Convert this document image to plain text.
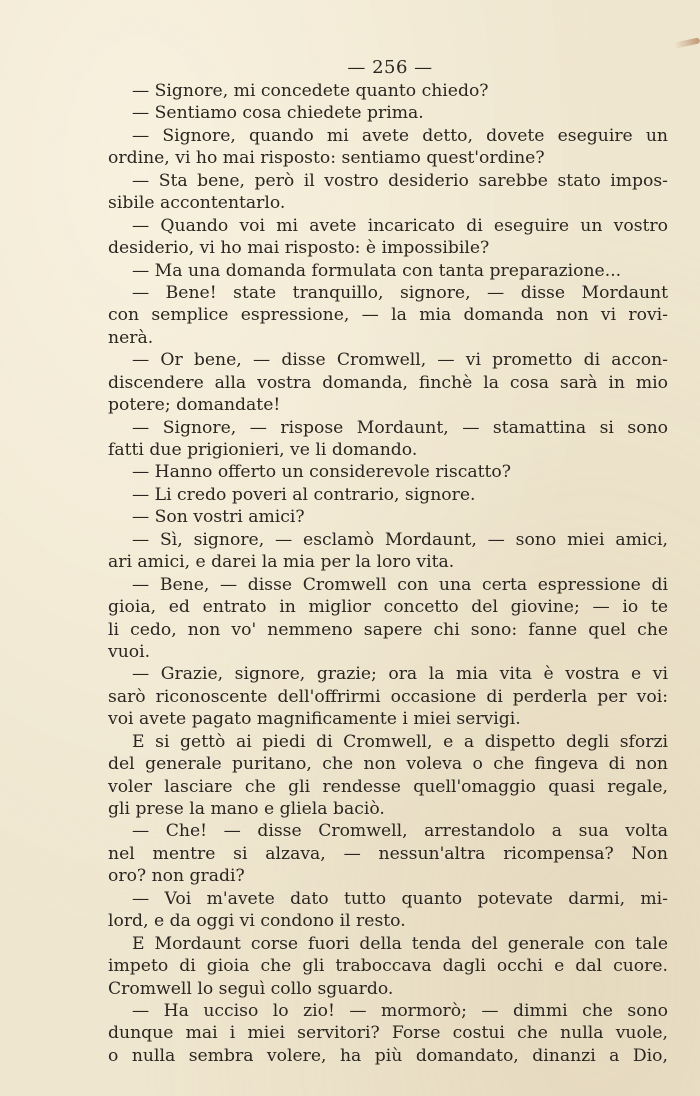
— 256 —
— Signore, mi concedete quanto chiedo?
— Sentiamo cosa chiedete prima.
— Signore, quando mi avete detto, dovete eseguire un
ordine, vi ho mai risposto: sentiamo quest'ordine?
— Sta bene, però il vostro desiderio sarebbe stato impos-
sibile accontentarlo.
— Quando voi mi avete incaricato di eseguire un vostro
desiderio, vi ho mai risposto: è impossibile?
— Ma una domanda formulata con tanta preparazione...
— Bene! state tranquillo, signore, — disse Mordaunt
con semplice espressione, — la mia domanda non vi rovi-
nerà.
— Or bene, — disse Cromwell, — vi prometto di accon-
discendere alla vostra domanda, finchè la cosa sarà in mio
potere; domandate!
— Signore, — rispose Mordaunt, — stamattina si sono
fatti due prigionieri, ve li domando.
— Hanno offerto un considerevole riscatto?
— Li credo poveri al contrario, signore.
— Son vostri amici?
— Sì, signore, — esclamò Mordaunt, — sono miei amici,
ari amici, e darei la mia per la loro vita.
— Bene, — disse Cromwell con una certa espressione di
gioia, ed entrato in miglior concetto del giovine; — io te
li cedo, non vo' nemmeno sapere chi sono: fanne quel che
vuoi.
— Grazie, signore, grazie; ora la mia vita è vostra e vi
sarò riconoscente dell'offrirmi occasione di perderla per voi:
voi avete pagato magnificamente i miei servigi.
E si gettò ai piedi di Cromwell, e a dispetto degli sforzi
del generale puritano, che non voleva o che fingeva di non
voler lasciare che gli rendesse quell'omaggio quasi regale,
gli prese la mano e gliela baciò.
— Che! — disse Cromwell, arrestandolo a sua volta
nel mentre si alzava, — nessun'altra ricompensa? Non
oro? non gradi?
— Voi m'avete dato tutto quanto potevate darmi, mi-
lord, e da oggi vi condono il resto.
E Mordaunt corse fuori della tenda del generale con tale
impeto di gioia che gli traboccava dagli occhi e dal cuore.
Cromwell lo seguì collo sguardo.
— Ha ucciso lo zio! — mormorò; — dimmi che sono
dunque mai i miei servitori? Forse costui che nulla vuole,
o nulla sembra volere, ha più domandato, dinanzi a Dio,
